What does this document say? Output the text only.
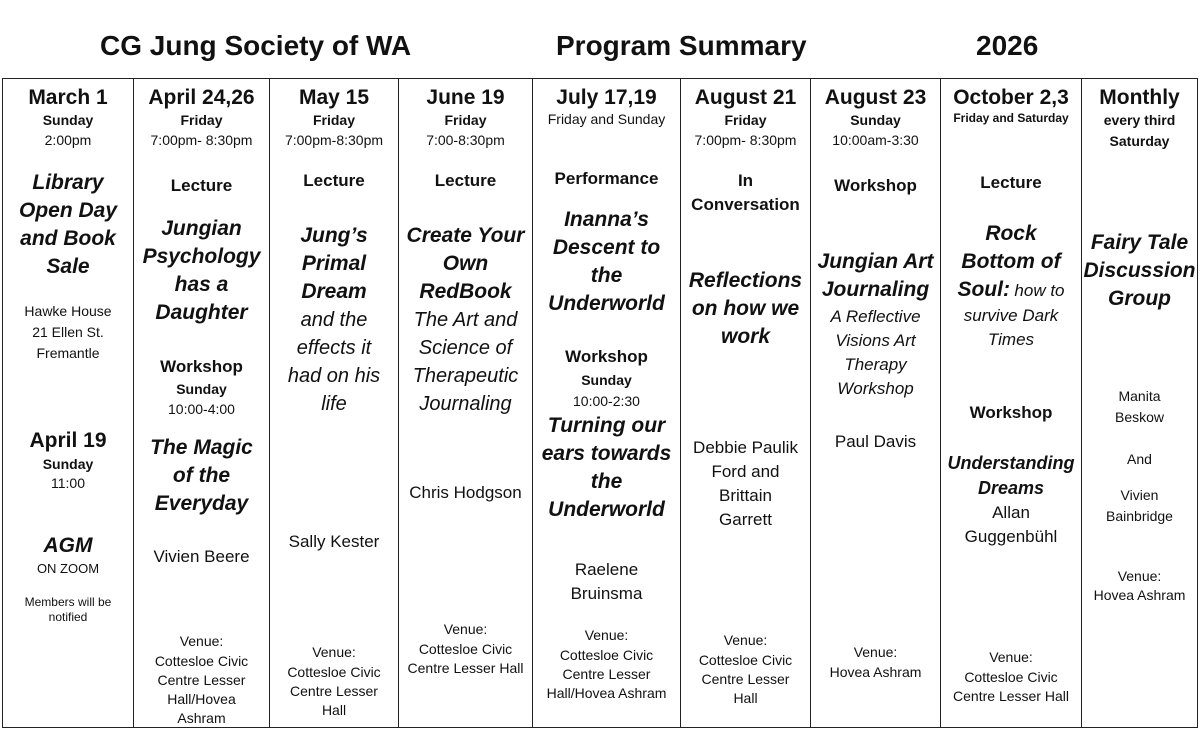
CG Jung Society of WA	Program Summary	2026
March 1
Sunday
2:00pm
Library Open Day and Book Sale
Hawke House
21 Ellen St.
Fremantle
April 19
Sunday
11:00
AGM
ON ZOOM
Members will be
notified
April 24,26
Friday
7:00pm- 8:30pm
Lecture
Jungian
Psychology
has a
Daughter
Workshop
Sunday
10:00-4:00
The Magic
of the
Everyday
Vivien Beere
Venue:
Cottesloe Civic
Centre Lesser
Hall/Hovea
Ashram
May 15
Friday
7:00pm-8:30pm
Lecture
Jung’s
Primal
Dream
and the
effects it
had on his
life
Sally Kester
Venue:
Cottesloe Civic
Centre Lesser
Hall
June 19
Friday
7:00-8:30pm
Lecture
Create Your
Own
RedBook
The Art and
Science of
Therapeutic
Journaling
Chris Hodgson
Venue:
Cottesloe Civic
Centre Lesser Hall
July 17,19
Friday and Sunday
Performance
Inanna’s
Descent to
the
Underworld
Workshop
Sunday
10:00-2:30
Turning our
ears towards
the
Underworld
Raelene
Bruinsma
Venue:
Cottesloe Civic
Centre Lesser
Hall/Hovea Ashram
August 21
Friday
7:00pm- 8:30pm
In
Conversation
Reflections
on how we
work
Debbie Paulik
Ford and
Brittain
Garrett
Venue:
Cottesloe Civic
Centre Lesser
Hall
August 23
Sunday
10:00am-3:30
Workshop
Jungian Art
Journaling
A Reflective
Visions Art
Therapy
Workshop
Paul Davis
Venue:
Hovea Ashram
October 2,3
Friday and Saturday
Lecture
Rock
Bottom of
Soul: how to
survive Dark
Times
Workshop
Understanding
Dreams
Allan
Guggenbühl
Venue:
Cottesloe Civic
Centre Lesser Hall
Monthly
every third
Saturday
Fairy Tale
Discussion
Group
Manita
Beskow
And
Vivien
Bainbridge
Venue:
Hovea Ashram
